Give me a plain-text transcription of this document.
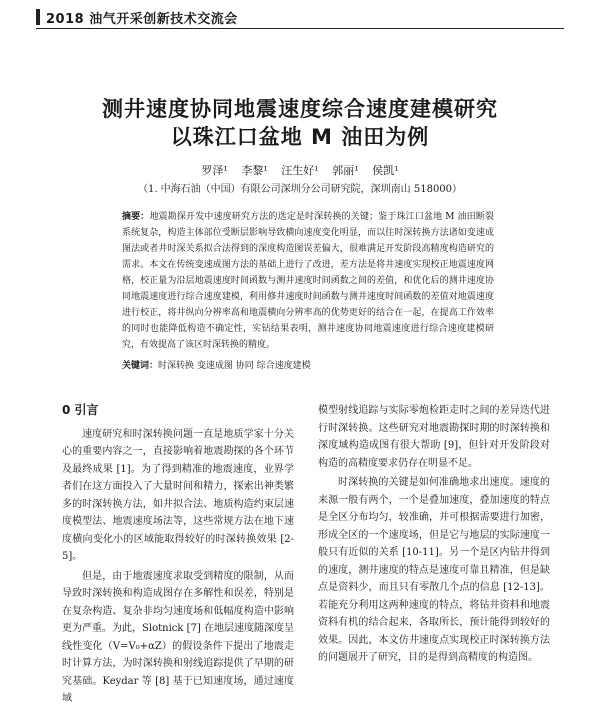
2018 油气开采创新技术交流会
测井速度协同地震速度综合速度建模研究
以珠江口盆地 M 油田为例
罗泽¹ 李黎¹ 汪生好¹ 郭丽¹ 侯凯¹
（1. 中海石油（中国）有限公司深圳分公司研究院，深圳南山 518000）
摘要：地震勘探开发中速度研究方法的选定是时深转换的关键；鉴于珠江口盆地 M 油田断裂系统复杂，构造主体部位受断层影响导致横向速度变化明显，而以往时深转换方法诸如变速成图法或者井时深关系拟合法得到的深度构造图误差偏大，很难满足开发阶段高精度构造研究的需求。本文在传统变速成图方法的基础上进行了改进，差方法是将井速度实现校正地震速度网格，校正量为沿层地震速度时间函数与测井速度时间函数之间的差值，和优化后的测井速度协同地震速度进行综合速度建模，利用修井速度时间函数与测井速度时间函数的差值对地震速度进行校正，将井纵向分辨率高和地震横向分辨率高的优势更好的结合在一起，在提高工作效率的同时也能降低构造不确定性，实钻结果表明，测井速度协同地震速度进行综合速度建模研究，有效提高了该区时深转换的精度。
关键词：时深转换 变速成图 协同 综合速度建模
0 引言

速度研究和时深转换问题一直是地质学家十分关心的重要内容之一，直接影响着地震勘探的各个环节及最终成果 [1]。为了得到精准的地震速度，业界学者们在这方面投入了大量时间和精力，探索出神类繁多的时深转换方法，如井拟合法、地质构造约束层速度模型法、地震速度场法等，这些常规方法在地下速度横向变化小的区域能取得较好的时深转换效果 [2-5]。

但是，由于地震速度求取受到精度的限制，从而导致时深转换和构造成图存在多解性和误差，特别是在复杂构造、复杂非均匀速度场和低幅度构造中影响更为严重。为此，Slotnick [7] 在地层速度随深度呈线性变化（V=V₀+αZ）的假设条件下提出了地震走时计算方法，为时深转换和射线追踪提供了早期的研究基础。Keydar 等 [8] 基于已知速度场，通过速度域

模型射线追踪与实际零炮检距走时之间的差异迭代进行时深转换。这些研究对地震勘探时期的时深转换和深度域构造成图有很大帮助 [9]，但针对开发阶段对构造的高精度要求仍存在明显不足。

时深转换的关键是如何准确地求出速度。速度的来源一般有两个，一个是叠加速度，叠加速度的特点是全区分布均匀，较准确，并可根据需要进行加密，形成全区的一个速度场，但是它与地层的实际速度一般只有近似的关系 [10-11]。另一个是区内钻井得到的速度，测井速度的特点是速度可靠且精准，但是缺点是资料少，而且只有零散几个点的信息 [12-13]。若能充分利用这两种速度的特点，将钻井资料和地震资料有机的结合起来，各取所长，预计能得到较好的效果。因此，本文仿井速度点实现校正时深转换方法的问题展开了研究，目的是得到高精度的构造图。
